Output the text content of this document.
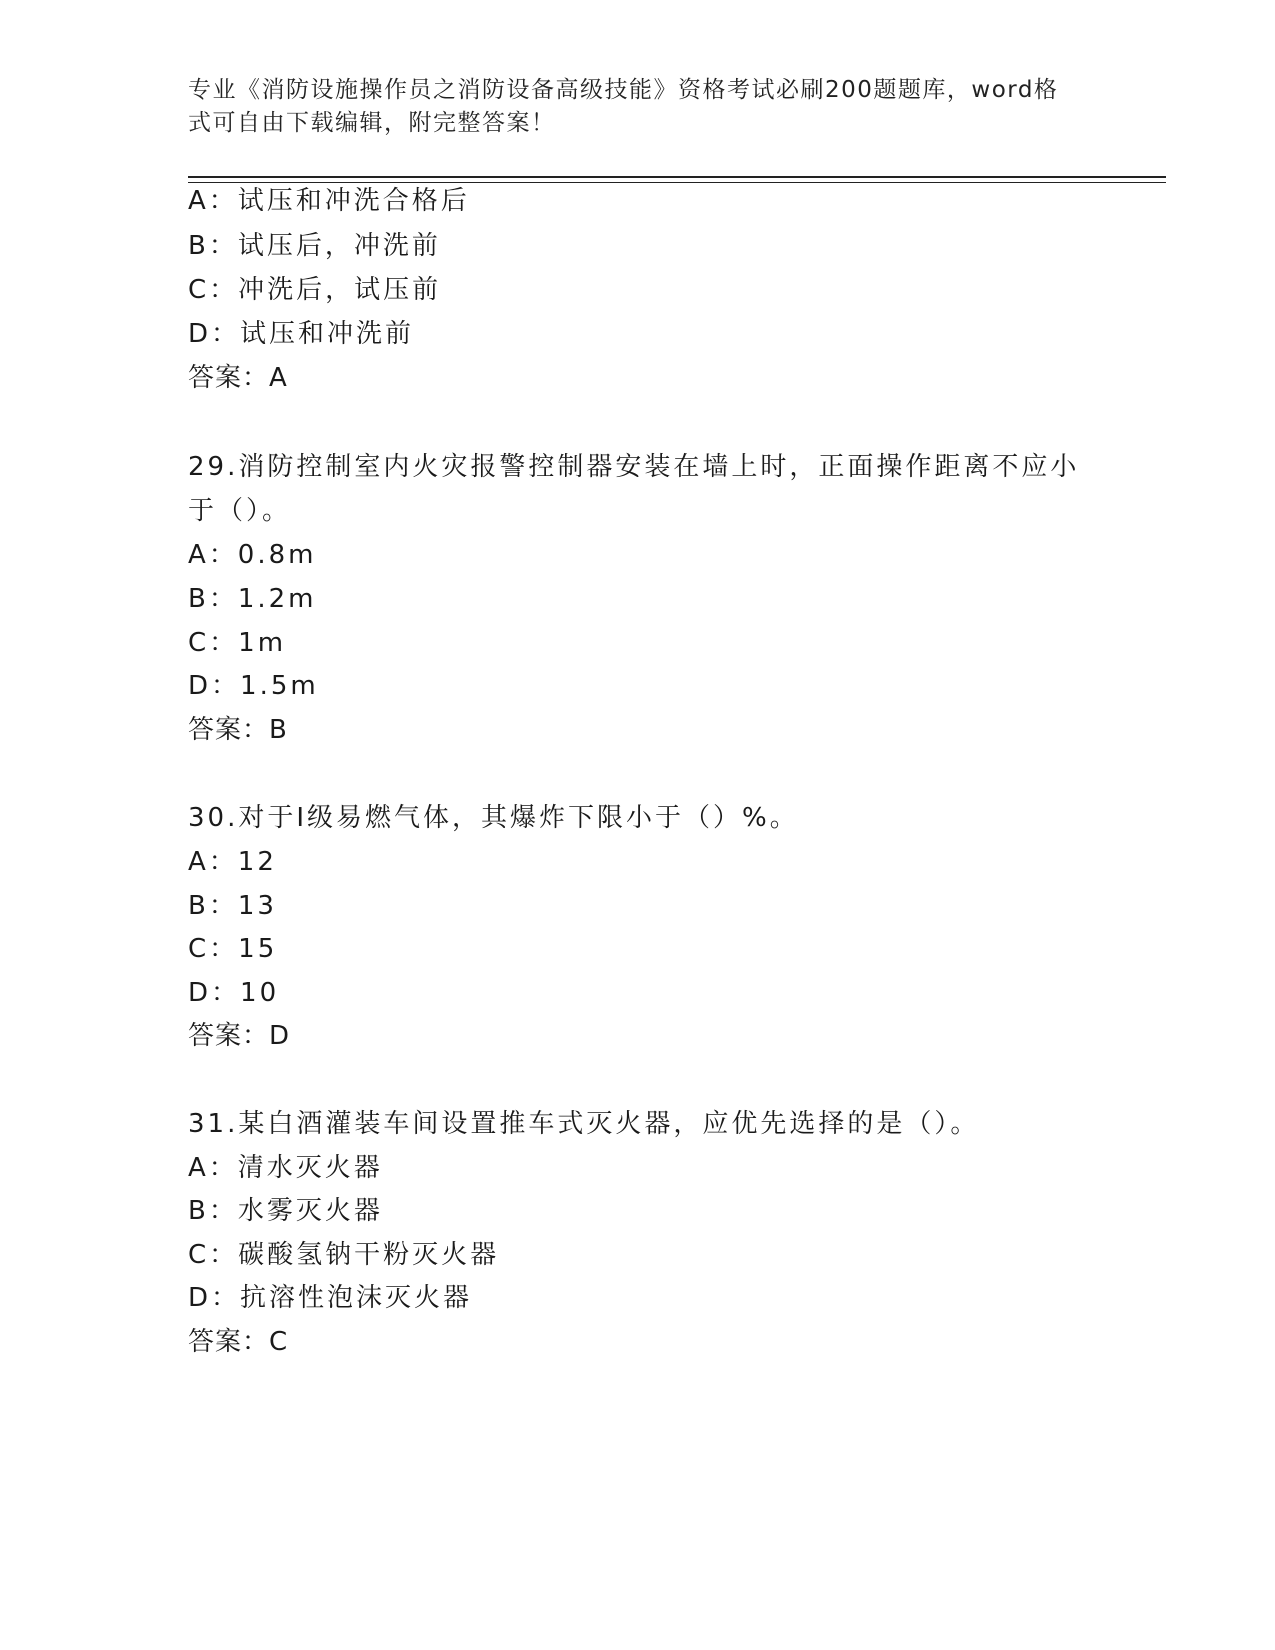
专业《消防设施操作员之消防设备高级技能》资格考试必刷200题题库，word格
式可自由下载编辑，附完整答案！
A：试压和冲洗合格后
B：试压后，冲洗前
C：冲洗后，试压前
D：试压和冲洗前
答案：A
29.消防控制室内火灾报警控制器安装在墙上时，正面操作距离不应小
于（）。
A：0.8m
B：1.2m
C：1m
D：1.5m
答案：B
30.对于Ⅰ级易燃气体，其爆炸下限小于（）%。
A：12
B：13
C：15
D：10
答案：D
31.某白酒灌装车间设置推车式灭火器，应优先选择的是（）。
A：清水灭火器
B：水雾灭火器
C：碳酸氢钠干粉灭火器
D：抗溶性泡沫灭火器
答案：C
